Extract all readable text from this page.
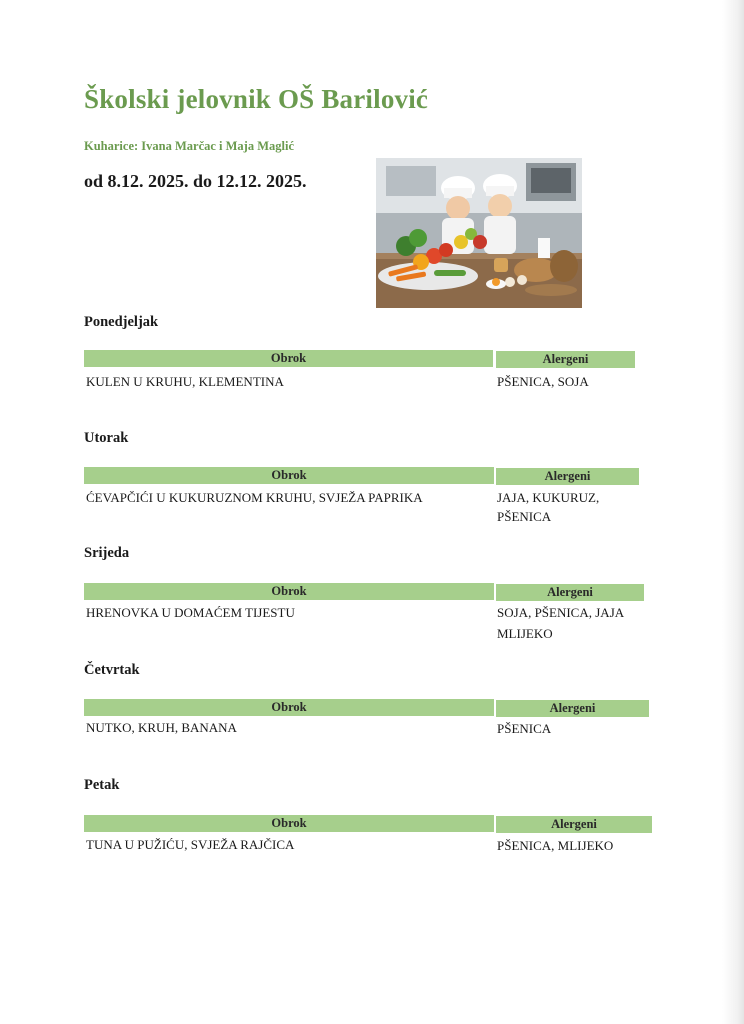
Školski jelovnik OŠ Barilović
Kuharice: Ivana Marčac i Maja Maglić
od 8.12. 2025. do 12.12. 2025.
Ponedjeljak
Obrok	Alergeni
KULEN U KRUHU, KLEMENTINA	PŠENICA, SOJA
Utorak
Obrok	Alergeni
ĆEVAPČIĆI U KUKURUZNOM KRUHU, SVJEŽA PAPRIKA	JAJA, KUKURUZ,
PŠENICA
Srijeda
Obrok	Alergeni
HRENOVKA U DOMAĆEM TIJESTU	SOJA, PŠENICA, JAJA
MLIJEKO
Četvrtak
Obrok	Alergeni
NUTKO, KRUH, BANANA	PŠENICA
Petak
Obrok	Alergeni
TUNA U PUŽIĆU, SVJEŽA RAJČICA	PŠENICA, MLIJEKO
